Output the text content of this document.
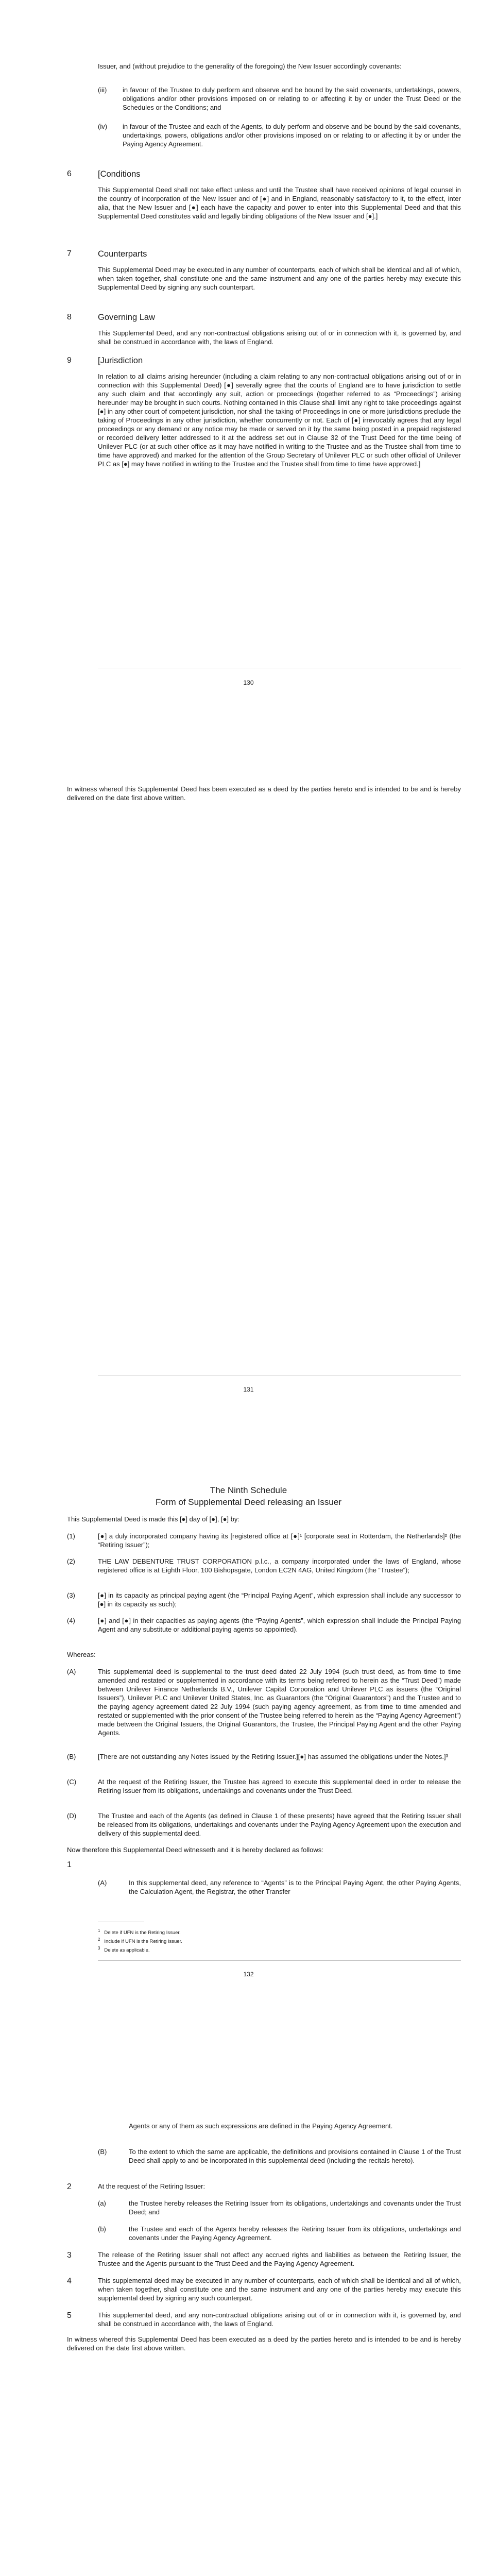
Issuer, and (without prejudice to the generality of the foregoing) the New Issuer accordingly covenants:

(iii) in favour of the Trustee to duly perform and observe and be bound by the said covenants, undertakings, powers, obligations and/or other provisions imposed on or relating to or affecting it by or under the Trust Deed or the Schedules or the Conditions; and

(iv) in favour of the Trustee and each of the Agents, to duly perform and observe and be bound by the said covenants, undertakings, powers, obligations and/or other provisions imposed on or relating to or affecting it by or under the Paying Agency Agreement.

6	[Conditions

This Supplemental Deed shall not take effect unless and until the Trustee shall have received opinions of legal counsel in the country of incorporation of the New Issuer and of [●] and in England, reasonably satisfactory to it, to the effect, inter alia, that the New Issuer and [●] each have the capacity and power to enter into this Supplemental Deed and that this Supplemental Deed constitutes valid and legally binding obligations of the New Issuer and [●].]

7	Counterparts

This Supplemental Deed may be executed in any number of counterparts, each of which shall be identical and all of which, when taken together, shall constitute one and the same instrument and any one of the parties hereby may execute this Supplemental Deed by signing any such counterpart.

8	Governing Law

This Supplemental Deed, and any non-contractual obligations arising out of or in connection with it, is governed by, and shall be construed in accordance with, the laws of England.

9	[Jurisdiction

In relation to all claims arising hereunder (including a claim relating to any non-contractual obligations arising out of or in connection with this Supplemental Deed) [●] severally agree that the courts of England are to have jurisdiction to settle any such claim and that accordingly any suit, action or proceedings (together referred to as “Proceedings”) arising hereunder may be brought in such courts. Nothing contained in this Clause shall limit any right to take proceedings against [●] in any other court of competent jurisdiction, nor shall the taking of Proceedings in one or more jurisdictions preclude the taking of Proceedings in any other jurisdiction, whether concurrently or not. Each of [●] irrevocably agrees that any legal proceedings or any demand or any notice may be made or served on it by the same being posted in a prepaid registered or recorded delivery letter addressed to it at the address set out in Clause 32 of the Trust Deed for the time being of Unilever PLC (or at such other office as it may have notified in writing to the Trustee and as the Trustee shall from time to time have approved) and marked for the attention of the Group Secretary of Unilever PLC or such other official of Unilever PLC as [●] may have notified in writing to the Trustee and the Trustee shall from time to time have approved.]

130

In witness whereof this Supplemental Deed has been executed as a deed by the parties hereto and is intended to be and is hereby delivered on the date first above written.

131
The Ninth Schedule
Form of Supplemental Deed releasing an Issuer

This Supplemental Deed is made this [●] day of [●], [●] by:

(1)	[●] a duly incorporated company having its [registered office at [●]¹ [corporate seat in Rotterdam, the Netherlands]² (the “Retiring Issuer”);

(2)	THE LAW DEBENTURE TRUST CORPORATION p.l.c., a company incorporated under the laws of England, whose registered office is at Eighth Floor, 100 Bishopsgate, London EC2N 4AG, United Kingdom (the “Trustee”);

(3)	[●] in its capacity as principal paying agent (the “Principal Paying Agent”, which expression shall include any successor to [●] in its capacity as such);

(4)	[●] and [●] in their capacities as paying agents (the “Paying Agents”, which expression shall include the Principal Paying Agent and any substitute or additional paying agents so appointed).

Whereas:

(A)	This supplemental deed is supplemental to the trust deed dated 22 July 1994 (such trust deed, as from time to time amended and restated or supplemented in accordance with its terms being referred to herein as the “Trust Deed”) made between Unilever Finance Netherlands B.V., Unilever Capital Corporation and Unilever PLC as issuers (the “Original Issuers”), Unilever PLC and Unilever United States, Inc. as Guarantors (the “Original Guarantors”) and the Trustee and to the paying agency agreement dated 22 July 1994 (such paying agency agreement, as from time to time amended and restated or supplemented with the prior consent of the Trustee being referred to herein as the “Paying Agency Agreement”) made between the Original Issuers, the Original Guarantors, the Trustee, the Principal Paying Agent and the other Paying Agents.

(B)	[There are not outstanding any Notes issued by the Retiring Issuer.][●] has assumed the obligations under the Notes.]³

(C)	At the request of the Retiring Issuer, the Trustee has agreed to execute this supplemental deed in order to release the Retiring Issuer from its obligations, undertakings and covenants under the Trust Deed.

(D)	The Trustee and each of the Agents (as defined in Clause 1 of these presents) have agreed that the Retiring Issuer shall be released from its obligations, undertakings and covenants under the Paying Agency Agreement upon the execution and delivery of this supplemental deed.

Now therefore this Supplemental Deed witnesseth and it is hereby declared as follows:

1
(A)	In this supplemental deed, any reference to “Agents” is to the Principal Paying Agent, the other Paying Agents, the Calculation Agent, the Registrar, the other Transfer

$^1$ Delete if UFN is the Retiring Issuer.
$^2$ Include if UFN is the Retiring Issuer.
$^3$ Delete as applicable.
132

Agents or any of them as such expressions are defined in the Paying Agency Agreement.

(B)	To the extent to which the same are applicable, the definitions and provisions contained in Clause 1 of the Trust Deed shall apply to and be incorporated in this supplemental deed (including the recitals hereto).

2	At the request of the Retiring Issuer:

(a)	the Trustee hereby releases the Retiring Issuer from its obligations, undertakings and covenants under the Trust Deed; and

(b)	the Trustee and each of the Agents hereby releases the Retiring Issuer from its obligations, undertakings and covenants under the Paying Agency Agreement.

3	The release of the Retiring Issuer shall not affect any accrued rights and liabilities as between the Retiring Issuer, the Trustee and the Agents pursuant to the Trust Deed and the Paying Agency Agreement.

4	This supplemental deed may be executed in any number of counterparts, each of which shall be identical and all of which, when taken together, shall constitute one and the same instrument and any one of the parties hereby may execute this supplemental deed by signing any such counterpart.

5	This supplemental deed, and any non-contractual obligations arising out of or in connection with it, is governed by, and shall be construed in accordance with, the laws of England.

In witness whereof this Supplemental Deed has been executed as a deed by the parties hereto and is intended to be and is hereby delivered on the date first above written.
